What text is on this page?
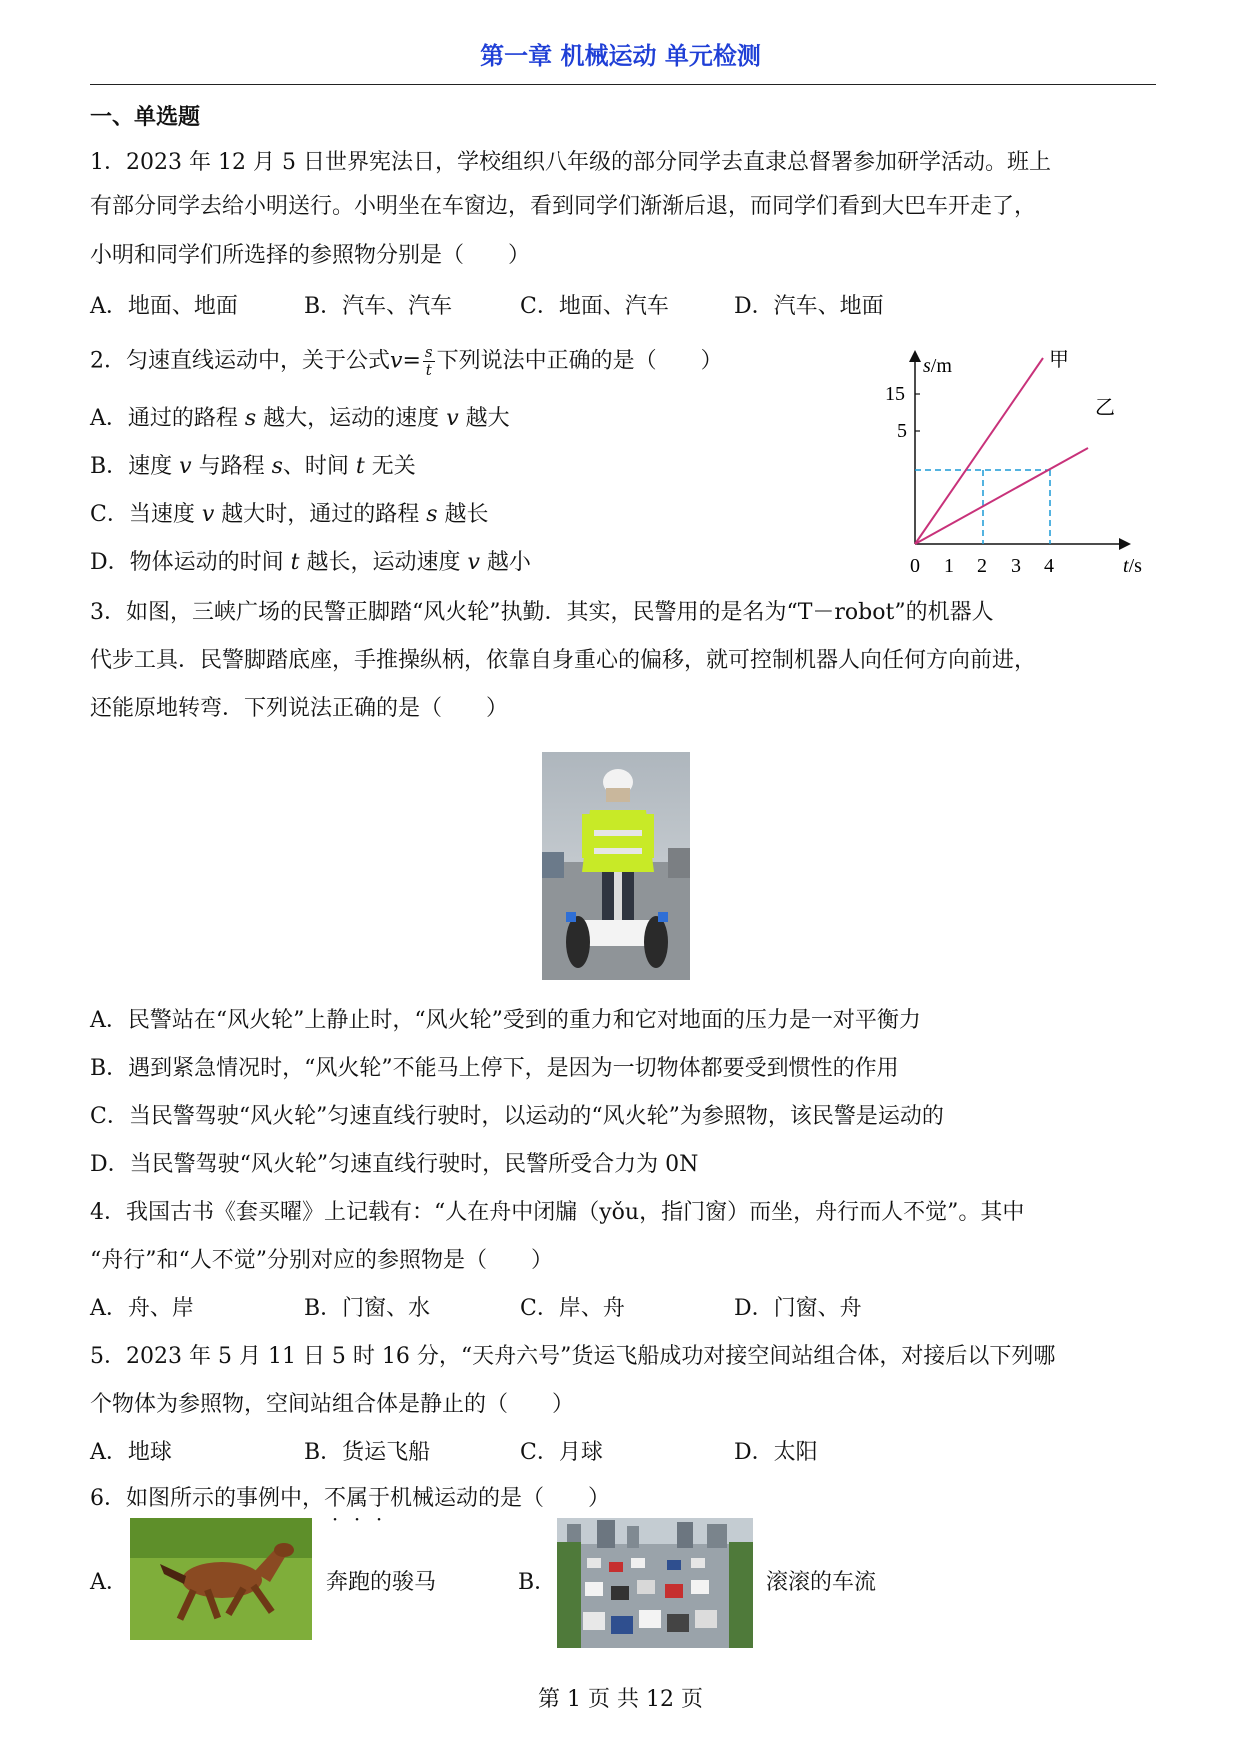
第一章 机械运动 单元检测
一、单选题
1．2023 年 12 月 5 日世界宪法日，学校组织八年级的部分同学去直隶总督署参加研学活动。班上
有部分同学去给小明送行。小明坐在车窗边，看到同学们渐渐后退，而同学们看到大巴车开走了，
小明和同学们所选择的参照物分别是（　　）
A．地面、地面	B．汽车、汽车	C．地面、汽车	D．汽车、地面
2．匀速直线运动中，关于公式$v= \frac{s}{t}$ 下列说法中正确的是（　　）
A．通过的路程 s 越大，运动的速度 v 越大
B．速度 v 与路程 s、时间 t 无关
C．当速度 v 越大时，通过的路程 s 越长
D．物体运动的时间 t 越长，运动速度 v 越小
s/m
t/s
15
5
0 1 2 3 4
甲
乙
3．如图，三峡广场的民警正脚踏“风火轮”执勤．其实，民警用的是名为“T－robot”的机器人
代步工具．民警脚踏底座，手推操纵柄，依靠自身重心的偏移，就可控制机器人向任何方向前进，
还能原地转弯．下列说法正确的是（　　）
A．民警站在“风火轮”上静止时，“风火轮”受到的重力和它对地面的压力是一对平衡力
B．遇到紧急情况时，“风火轮”不能马上停下，是因为一切物体都要受到惯性的作用
C．当民警驾驶“风火轮”匀速直线行驶时，以运动的“风火轮”为参照物，该民警是运动的
D．当民警驾驶“风火轮”匀速直线行驶时，民警所受合力为 0N
4．我国古书《套买曜》上记载有：“人在舟中闭牖（yǒu，指门窗）而坐，舟行而人不觉”。其中
“舟行”和“人不觉”分别对应的参照物是（　　）
A．舟、岸	B．门窗、水	C．岸、舟	D．门窗、舟
5．2023 年 5 月 11 日 5 时 16 分，“天舟六号”货运飞船成功对接空间站组合体，对接后以下列哪
个物体为参照物，空间站组合体是静止的（　　）
A．地球	B．货运飞船	C．月球	D．太阳
6．如图所示的事例中，不属于机械运动的是（　　）
A．	奔跑的骏马	B．	滚滚的车流
第 1 页 共 12 页
